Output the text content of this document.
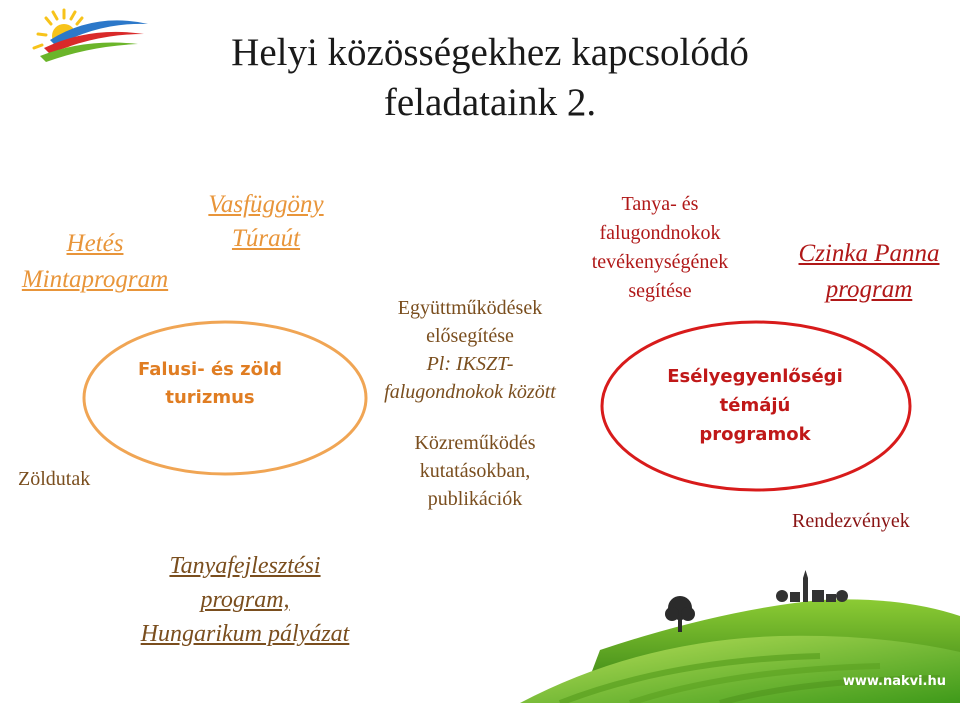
Helyi közösségekhez kapcsolódó feladataink 2.
Hetés Mintaprogram
Vasfüggöny Túraút
Falusi- és zöld turizmus
Zöldutak
Tanyafejlesztési
program,
Hungarikum pályázat
Együttműködések
elősegítése
Pl: IKSZT-
falugondnokok között
Közreműködés
kutatásokban,
publikációk
Tanya- és
falugondnokok
tevékenységének
segítése
Czinka Panna
program
Esélyegyenlőségi
témájú
programok
Rendezvények
www.nakvi.hu
